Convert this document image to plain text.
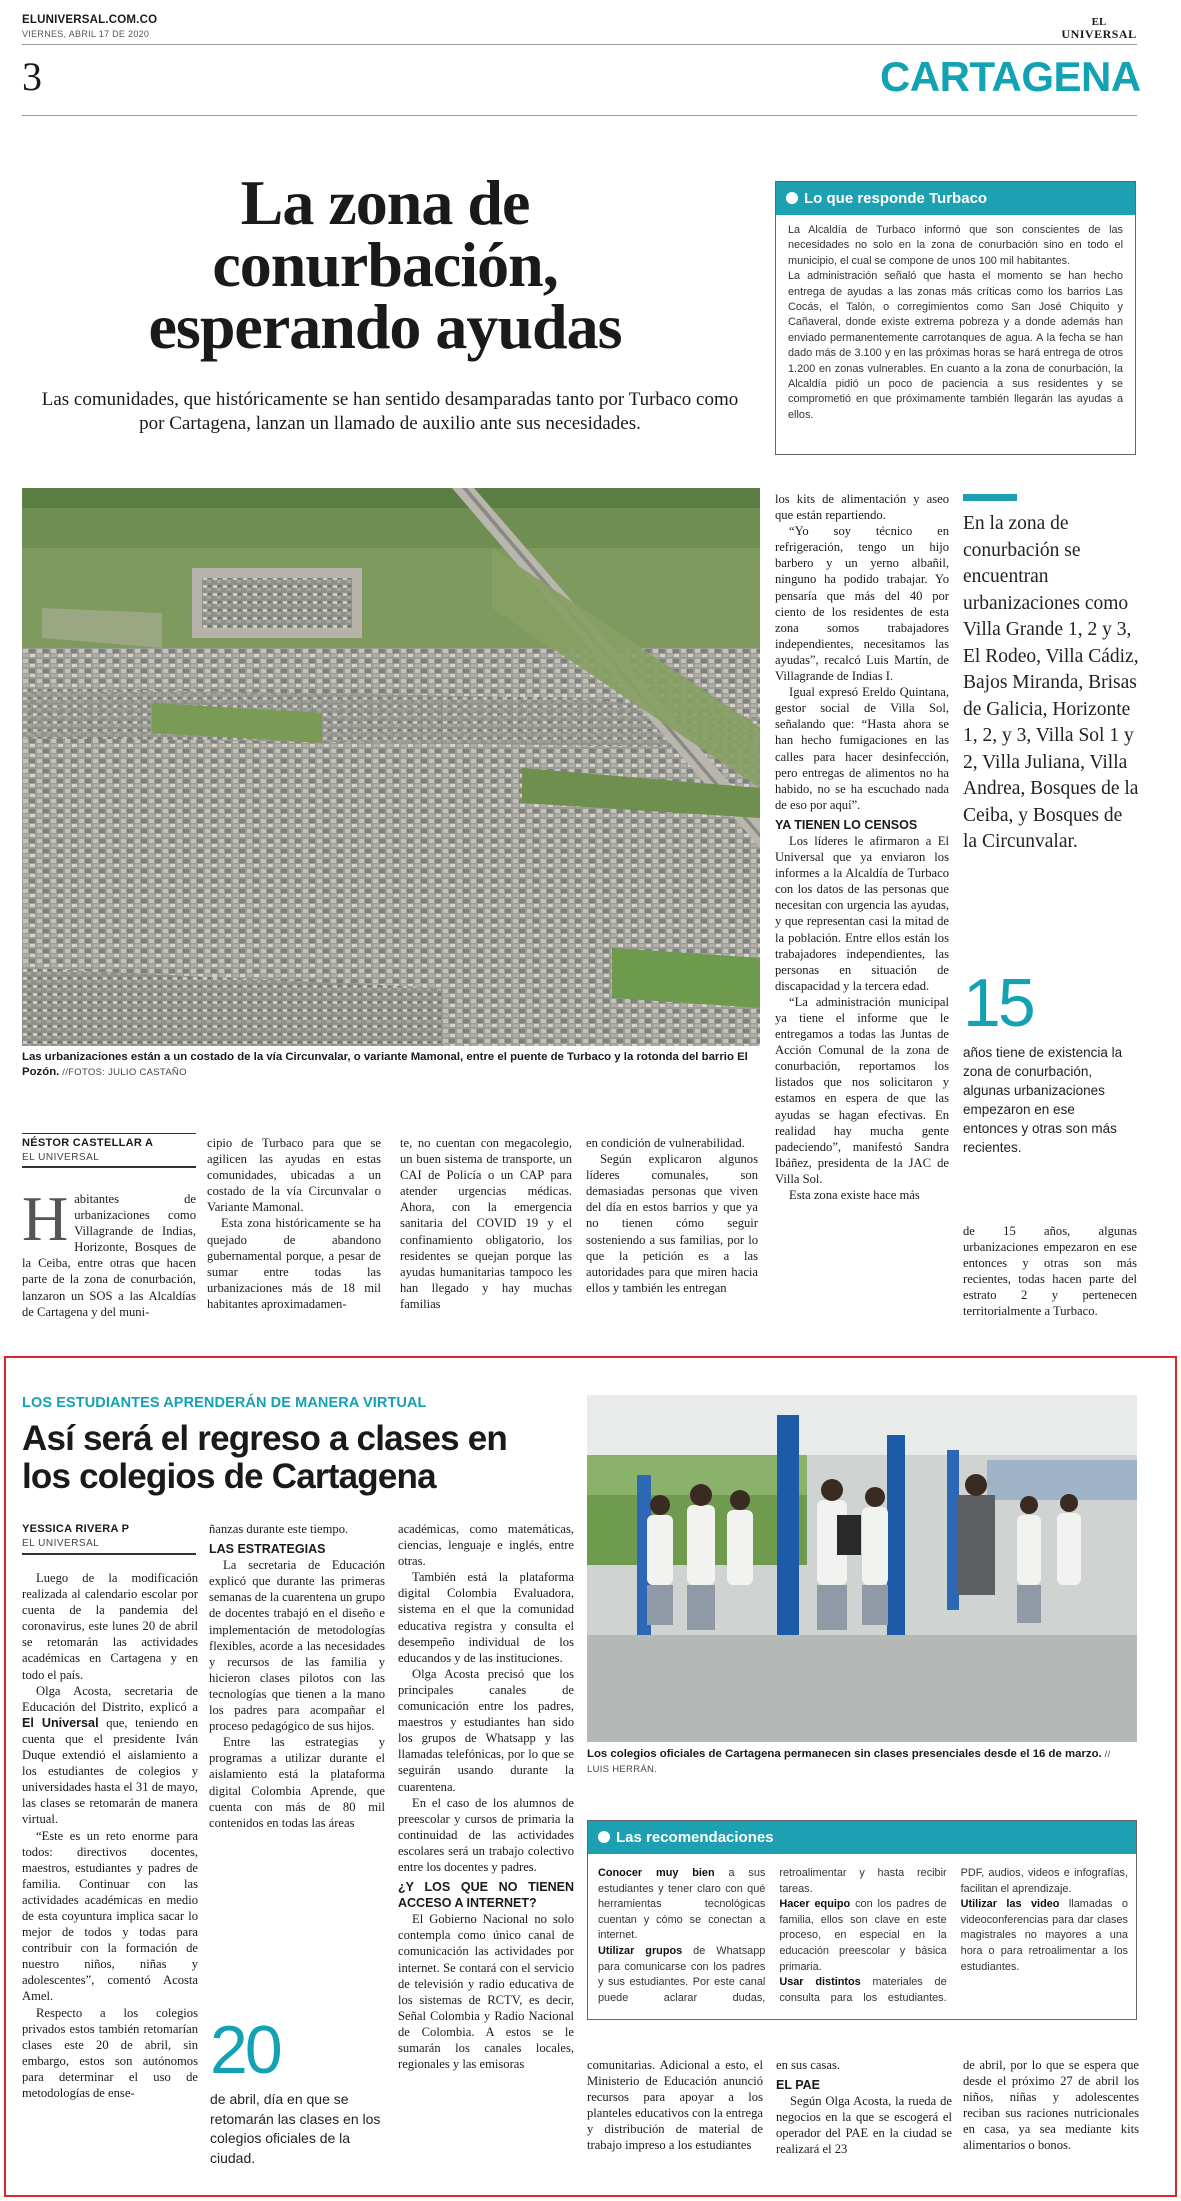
ELUNIVERSAL.COM.CO
VIERNES, ABRIL 17 DE 2020
EL
UNIVERSAL
3	CARTAGENA
La zona de
conurbación,
esperando ayudas
Las comunidades, que históricamente se han sentido desamparadas tanto por Turbaco como por Cartagena, lanzan un llamado de auxilio ante sus necesidades.
Lo que responde Turbaco
La Alcaldía de Turbaco informó que son conscientes de las necesidades no solo en la zona de conurbación sino en todo el municipio, el cual se compone de unos 100 mil habitantes.
La administración señaló que hasta el momento se han hecho entrega de ayudas a las zonas más críticas como los barrios Las Cocás, el Talón, o corregimientos como San José Chiquito y Cañaveral, donde existe extrema pobreza y a donde además han enviado permanentemente carrotanques de agua. A la fecha se han dado más de 3.100 y en las próximas horas se hará entrega de otros 1.200 en zonas vulnerables. En cuanto a la zona de conurbación, la Alcaldía pidió un poco de paciencia a sus residentes y se comprometió en que próximamente también llegarán las ayudas a ellos.
Las urbanizaciones están a un costado de la vía Circunvalar, o variante Mamonal, entre el puente de Turbaco y la rotonda del barrio El Pozón. //FOTOS: JULIO CASTAÑO
NÉSTOR CASTELLAR A
EL UNIVERSAL
H abitantes de urbanizaciones como Villagrande de Indias, Horizonte, Bosques de la Ceiba, entre otras que hacen parte de la zona de conurbación, lanzaron un SOS a las Alcaldías de Cartagena y del muni-

cipio de Turbaco para que se agilicen las ayudas en estas comunidades, ubicadas a un costado de la vía Circunvalar o Variante Mamonal.

Esta zona históricamente se ha quejado de abandono gubernamental porque, a pesar de sumar entre todas las urbanizaciones más de 18 mil habitantes aproximadamen-

te, no cuentan con megacolegio, un buen sistema de transporte, un CAI de Policía o un CAP para atender urgencias médicas. Ahora, con la emergencia sanitaria del COVID 19 y el confinamiento obligatorio, los residentes se quejan porque las ayudas humanitarias tampoco les han llegado y hay muchas familias

en condición de vulnerabilidad.

Según explicaron algunos líderes comunales, son demasiadas personas que viven del día en estos barrios y que ya no tienen cómo seguir sosteniendo a sus familias, por lo que la petición es a las autoridades para que miren hacia ellos y también les entregan

los kits de alimentación y aseo que están repartiendo.

“Yo soy técnico en refrigeración, tengo un hijo barbero y un yerno albañil, ninguno ha podido trabajar. Yo pensaría que más del 40 por ciento de los residentes de esta zona somos trabajadores independientes, necesitamos las ayudas”, recalcó Luis Martín, de Villagrande de Indias I.

Igual expresó Ereldo Quintana, gestor social de Villa Sol, señalando que: “Hasta ahora se han hecho fumigaciones en las calles para hacer desinfección, pero entregas de alimentos no ha habido, no se ha escuchado nada de eso por aquí”.

YA TIENEN LO CENSOS

Los líderes le afirmaron a El Universal que ya enviaron los informes a la Alcaldía de Turbaco con los datos de las personas que necesitan con urgencia las ayudas, y que representan casi la mitad de la población. Entre ellos están los trabajadores independientes, las personas en situación de discapacidad y la tercera edad.

“La administración municipal ya tiene el informe que le entregamos a todas las Juntas de Acción Comunal de la zona de conurbación, reportamos los listados que nos solicitaron y estamos en espera de que las ayudas se hagan efectivas. En realidad hay mucha gente padeciendo”, manifestó Sandra Ibáñez, presidenta de la JAC de Villa Sol.

Esta zona existe hace más

de 15 años, algunas urbanizaciones empezaron en ese entonces y otras son más recientes, todas hacen parte del estrato 2 y pertenecen territorialmente a Turbaco.

En la zona de conurbación se encuentran urbanizaciones como Villa Grande 1, 2 y 3, El Rodeo, Villa Cádiz, Bajos Miranda, Brisas de Galicia, Horizonte 1, 2, y 3, Villa Sol 1 y 2, Villa Juliana, Villa Andrea, Bosques de la Ceiba, y Bosques de la Circunvalar.
15
años tiene de existencia la zona de conurbación, algunas urbanizaciones empezaron en ese entonces y otras son más recientes.
LOS ESTUDIANTES APRENDERÁN DE MANERA VIRTUAL
Así será el regreso a clases en
los colegios de Cartagena
YESSICA RIVERA P
EL UNIVERSAL

Luego de la modificación realizada al calendario escolar por cuenta de la pandemia del coronavirus, este lunes 20 de abril se retomarán las actividades académicas en Cartagena y en todo el país.

Olga Acosta, secretaria de Educación del Distrito, explicó a El Universal que, teniendo en cuenta que el presidente Iván Duque extendió el aislamiento a los estudiantes de colegios y universidades hasta el 31 de mayo, las clases se retomarán de manera virtual.

“Este es un reto enorme para todos: directivos docentes, maestros, estudiantes y padres de familia. Continuar con las actividades académicas en medio de esta coyuntura implica sacar lo mejor de todos y todas para contribuir con la formación de nuestro niños, niñas y adolescentes”, comentó Acosta Amel.

Respecto a los colegios privados estos también retomarían clases este 20 de abril, sin embargo, estos son autónomos para determinar el uso de metodologías de ense-

ñanzas durante este tiempo.

LAS ESTRATEGIAS

La secretaria de Educación explicó que durante las primeras semanas de la cuarentena un grupo de docentes trabajó en el diseño e implementación de metodologías flexibles, acorde a las necesidades y recursos de las familia y hicieron clases pilotos con las tecnologías que tienen a la mano los padres para acompañar el proceso pedagógico de sus hijos.

Entre las estrategias y programas a utilizar durante el aislamiento está la plataforma digital Colombia Aprende, que cuenta con más de 80 mil contenidos en todas las áreas

académicas, como matemáticas, ciencias, lenguaje e inglés, entre otras.

También está la plataforma digital Colombia Evaluadora, sistema en el que la comunidad educativa registra y consulta el desempeño individual de los educandos y de las instituciones.

Olga Acosta precisó que los principales canales de comunicación entre los padres, maestros y estudiantes han sido los grupos de Whatsapp y las llamadas telefónicas, por lo que se seguirán usando durante la cuarentena.

En el caso de los alumnos de preescolar y cursos de primaria la continuidad de las actividades escolares será un trabajo colectivo entre los docentes y padres.

¿Y LOS QUE NO TIENEN ACCESO A INTERNET?

El Gobierno Nacional no solo contempla como único canal de comunicación las actividades por internet. Se contará con el servicio de televisión y radio educativa de los sistemas de RCTV, es decir, Señal Colombia y Radio Nacional de Colombia. A estos se le sumarán los canales locales, regionales y las emisoras	comunitarias. Adicional a esto, el Ministerio de Educación anunció recursos para apoyar a los planteles educativos con la entrega y distribución de material de trabajo impreso a los estudiantes

en sus casas.

EL PAE

Según Olga Acosta, la rueda de negocios en la que se escogerá el operador del PAE en la ciudad se realizará el 23

de abril, por lo que se espera que desde el próximo 27 de abril los niños, niñas y adolescentes reciban sus raciones nutricionales en casa, ya sea mediante kits alimentarios o bonos.

20
de abril, día en que se retomarán las clases en los colegios oficiales de la ciudad.
Los colegios oficiales de Cartagena permanecen sin clases presenciales desde el 16 de marzo. //
LUIS HERRÁN.
Las recomendaciones
Conocer muy bien a sus estudiantes y tener claro con qué herramientas tecnológicas cuentan y cómo se conectan a internet.
Utilizar grupos de Whatsapp para comunicarse con los padres y sus estudiantes. Por este canal puede aclarar dudas, retroalimentar y hasta recibir tareas.
Hacer equipo con los padres de familia, ellos son clave en este proceso, en especial en la educación preescolar y básica primaria.
Usar distintos materiales de consulta para los estudiantes. PDF, audios, videos e infografías, facilitan el aprendizaje.
Utilizar las video llamadas o videoconferencias para dar clases magistrales no mayores a una hora o para retroalimentar a los estudiantes.
